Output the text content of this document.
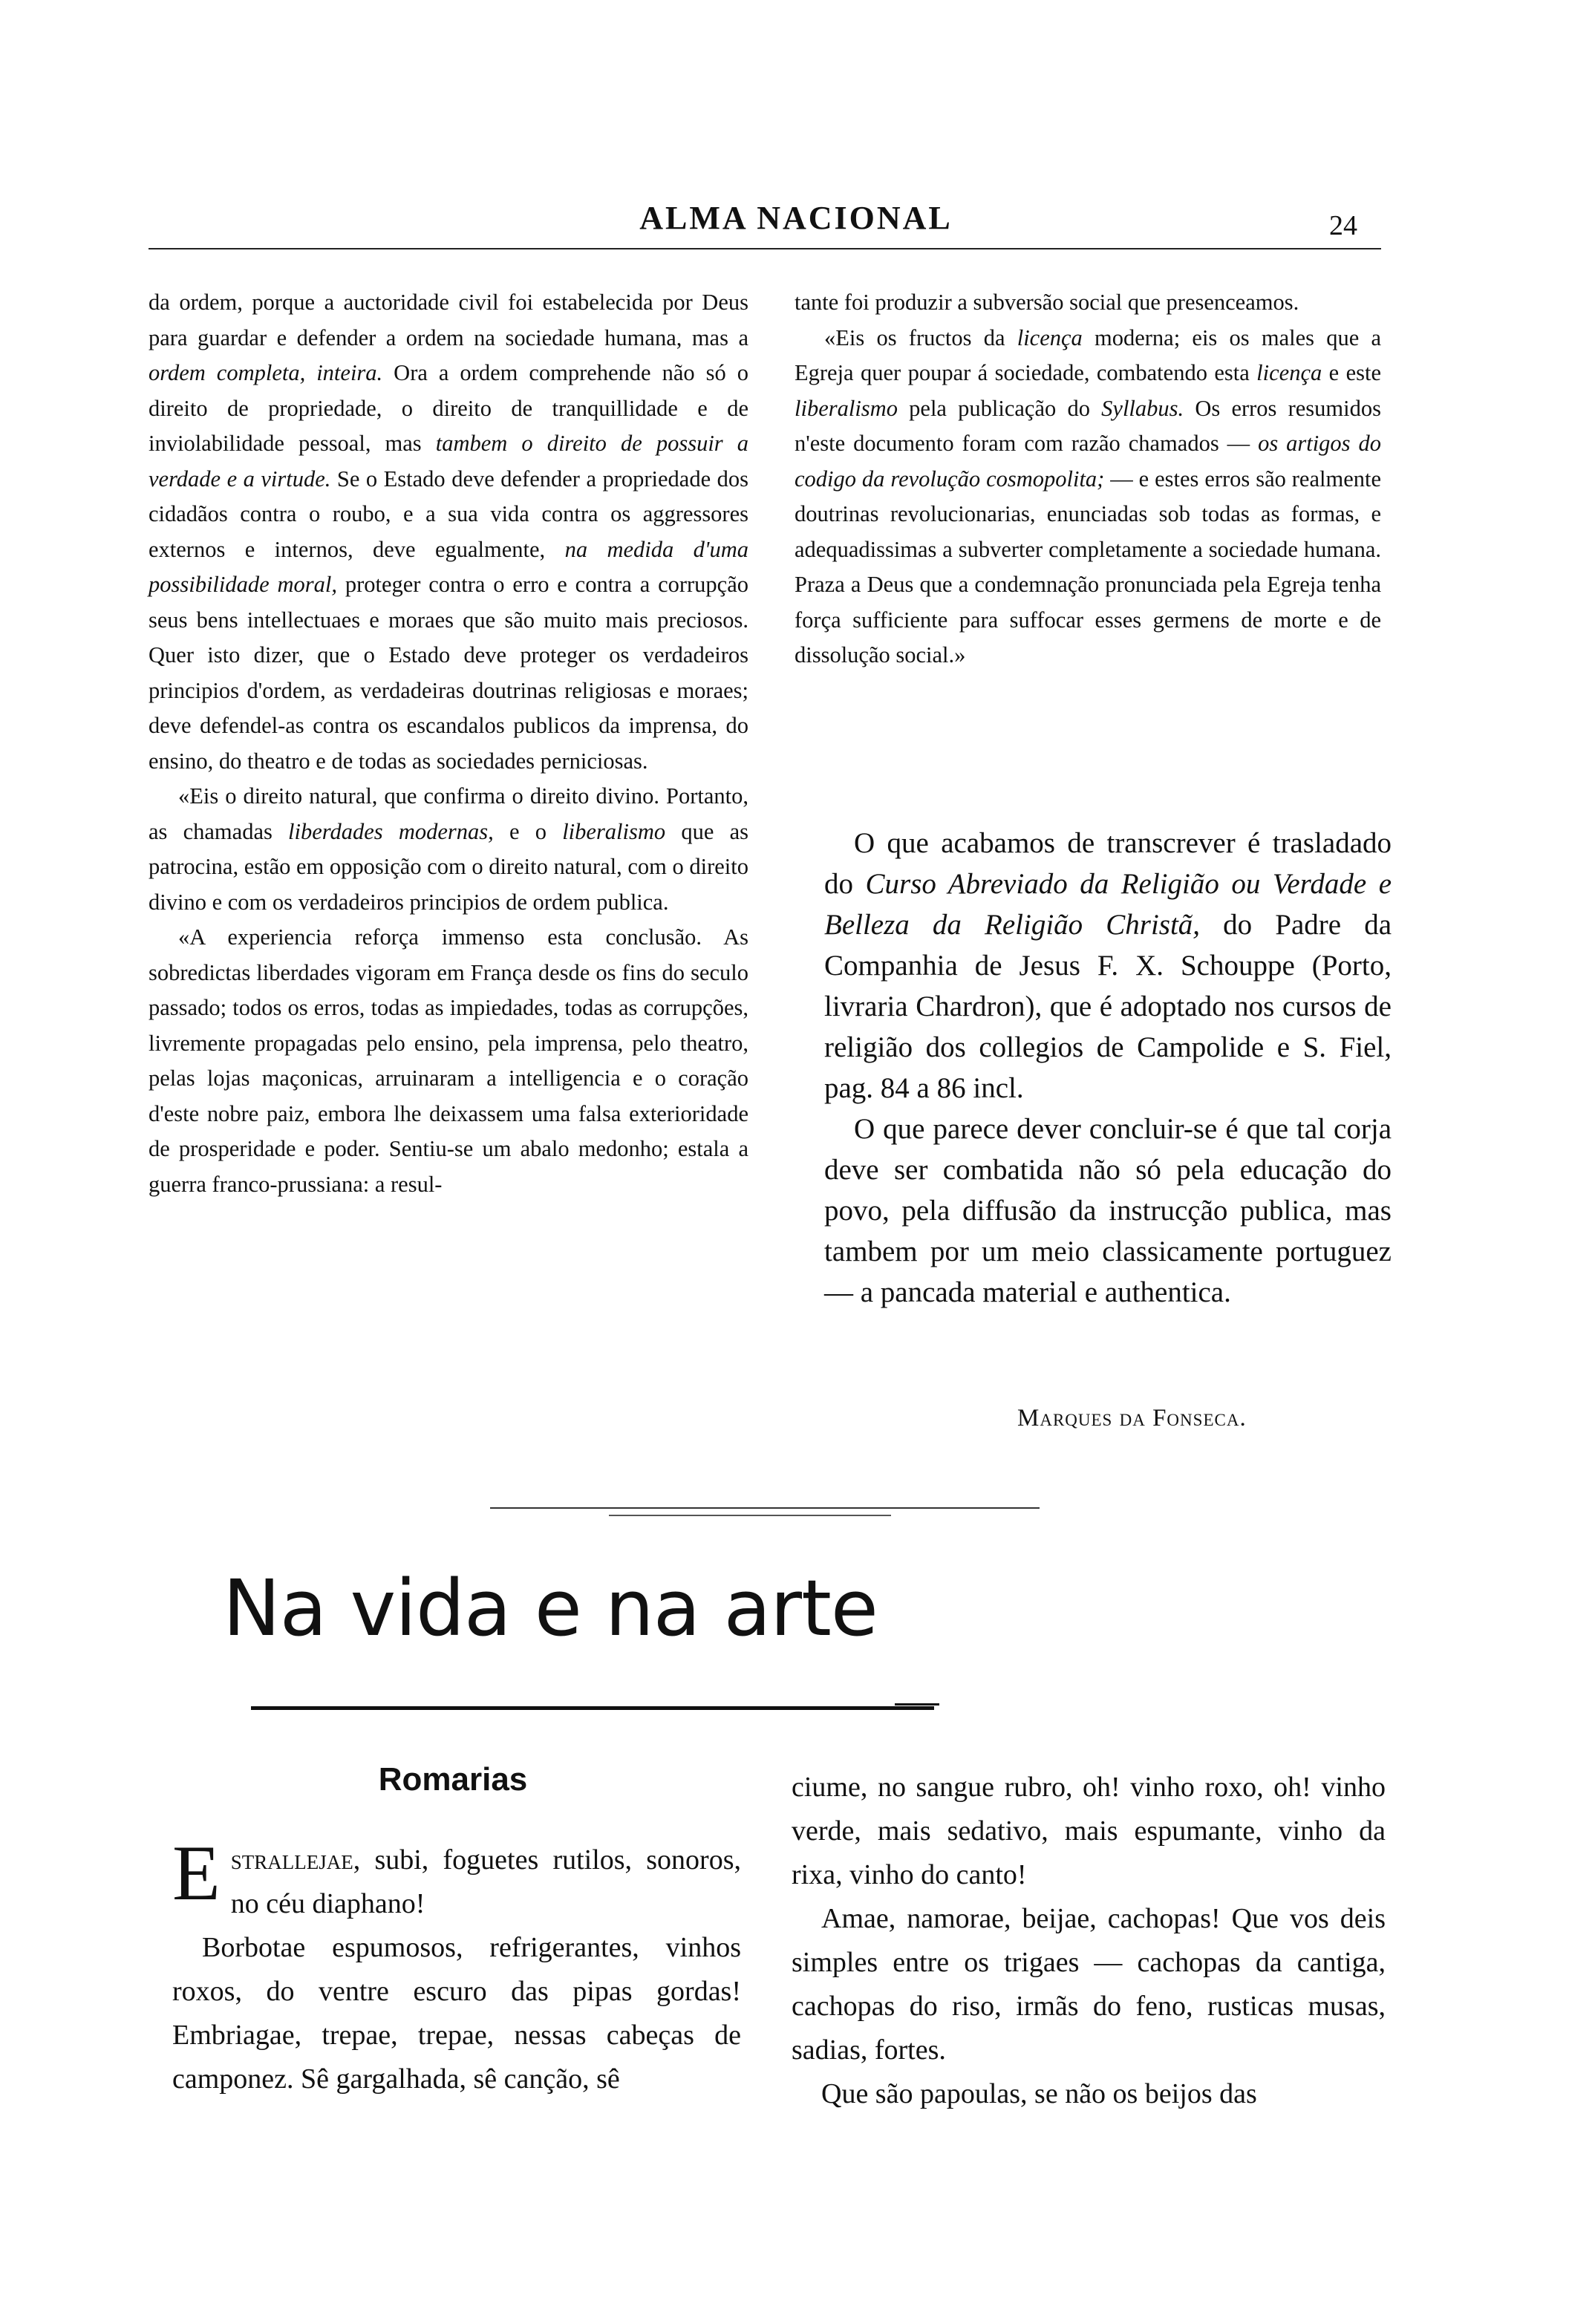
ALMA NACIONAL	24

da ordem, porque a auctoridade civil foi estabelecida por Deus para guardar e defender a ordem na sociedade humana, mas a ordem completa, inteira. Ora a ordem comprehende não só o direito de propriedade, o direito de tranquillidade e de inviolabilidade pessoal, mas tambem o direito de possuir a verdade e a virtude. Se o Estado deve defender a propriedade dos cidadãos contra o roubo, e a sua vida contra os aggressores externos e internos, deve egualmente, na medida d'uma possibilidade moral, proteger contra o erro e contra a corrupção seus bens intellectuaes e moraes que são muito mais preciosos. Quer isto dizer, que o Estado deve proteger os verdadeiros principios d'ordem, as verdadeiras doutrinas religiosas e moraes; deve defendel-as contra os escandalos publicos da imprensa, do ensino, do theatro e de todas as sociedades perniciosas.

«Eis o direito natural, que confirma o direito divino. Portanto, as chamadas liberdades modernas, e o liberalismo que as patrocina, estão em opposição com o direito natural, com o direito divino e com os verdadeiros principios de ordem publica.

«A experiencia reforça immenso esta conclusão. As sobredictas liberdades vigoram em França desde os fins do seculo passado; todos os erros, todas as impiedades, todas as corrupções, livremente propagadas pelo ensino, pela imprensa, pelo theatro, pelas lojas maçonicas, arruinaram a intelligencia e o coração d'este nobre paiz, embora lhe deixassem uma falsa exterioridade de prosperidade e poder. Sentiu-se um abalo medonho; estala a guerra franco-prussiana: a resul-

tante foi produzir a subversão social que presenceamos.

«Eis os fructos da licença moderna; eis os males que a Egreja quer poupar á sociedade, combatendo esta licença e este liberalismo pela publicação do Syllabus. Os erros resumidos n'este documento foram com razão chamados — os artigos do codigo da revolução cosmopolita; — e estes erros são realmente doutrinas revolucionarias, enunciadas sob todas as formas, e adequadissimas a subverter completamente a sociedade humana. Praza a Deus que a condemnação pronunciada pela Egreja tenha força sufficiente para suffocar esses germens de morte e de dissolução social.»

O que acabamos de transcrever é trasladado do Curso Abreviado da Religião ou Verdade e Belleza da Religião Christã, do Padre da Companhia de Jesus F. X. Schouppe (Porto, livraria Chardron), que é adoptado nos cursos de religião dos collegios de Campolide e S. Fiel, pag. 84 a 86 incl.

O que parece dever concluir-se é que tal corja deve ser combatida não só pela educação do povo, pela diffusão da instrucção publica, mas tambem por um meio classicamente portuguez — a pancada material e authentica.

Marques da Fonseca.
Na vida e na arte
Romarias

Estrallejae, subi, foguetes rutilos, sonoros, no céu diaphano!

Borbotae espumosos, refrigerantes, vinhos roxos, do ventre escuro das pipas gordas! Embriagae, trepae, trepae, nessas cabeças de camponez. Sê gargalhada, sê canção, sê

ciume, no sangue rubro, oh! vinho roxo, oh! vinho verde, mais sedativo, mais espumante, vinho da rixa, vinho do canto!

Amae, namorae, beijae, cachopas! Que vos deis simples entre os trigaes — cachopas da cantiga, cachopas do riso, irmãs do feno, rusticas musas, sadias, fortes.

Que são papoulas, se não os beijos das
